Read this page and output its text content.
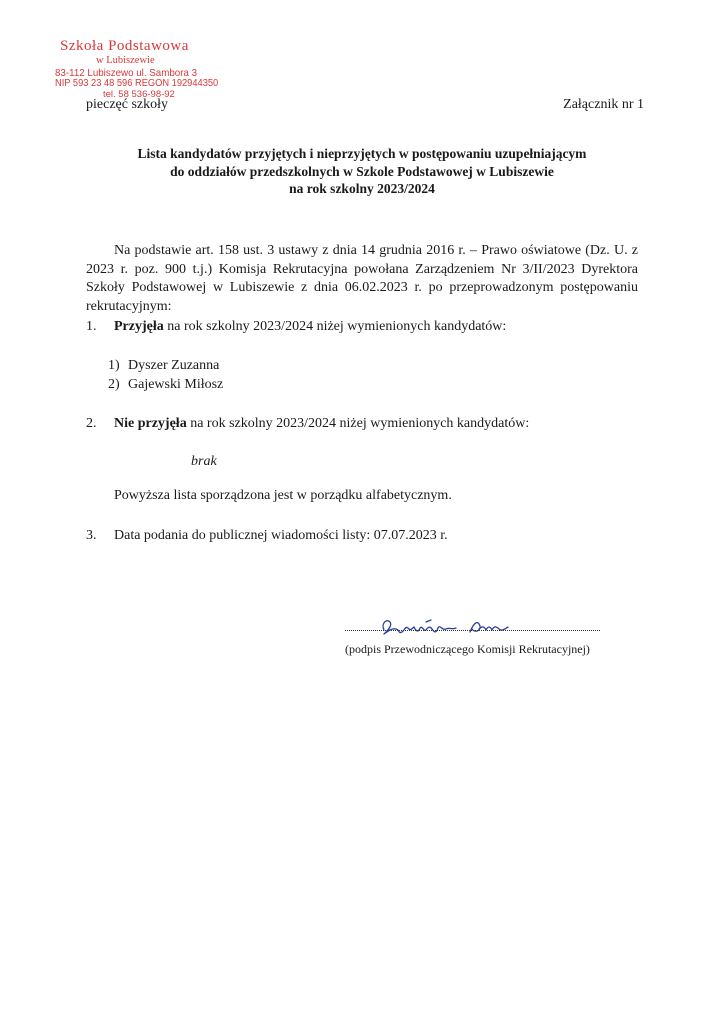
Szkoła Podstawowa
w Lubiszewie
83-112 Lubiszewo ul. Sambora 3
NIP 593 23 48 596 REGON 192944350
tel. 58 536-98-92
pieczęć szkoły	Załącznik nr 1
Lista kandydatów przyjętych i nieprzyjętych w postępowaniu uzupełniającym
do oddziałów przedszkolnych w Szkole Podstawowej w Lubiszewie
na rok szkolny 2023/2024
Na podstawie art. 158 ust. 3 ustawy z dnia 14 grudnia 2016 r. – Prawo oświatowe (Dz. U. z 2023 r. poz. 900 t.j.) Komisja Rekrutacyjna powołana Zarządzeniem Nr 3/II/2023 Dyrektora Szkoły Podstawowej w Lubiszewie z dnia 06.02.2023 r. po przeprowadzonym postępowaniu rekrutacyjnym:
1. Przyjęła na rok szkolny 2023/2024 niżej wymienionych kandydatów:
1) Dyszer Zuzanna
2) Gajewski Miłosz
2. Nie przyjęła na rok szkolny 2023/2024 niżej wymienionych kandydatów:
brak
Powyższa lista sporządzona jest w porządku alfabetycznym.
3. Data podania do publicznej wiadomości listy: 07.07.2023 r.
(podpis Przewodniczącego Komisji Rekrutacyjnej)
